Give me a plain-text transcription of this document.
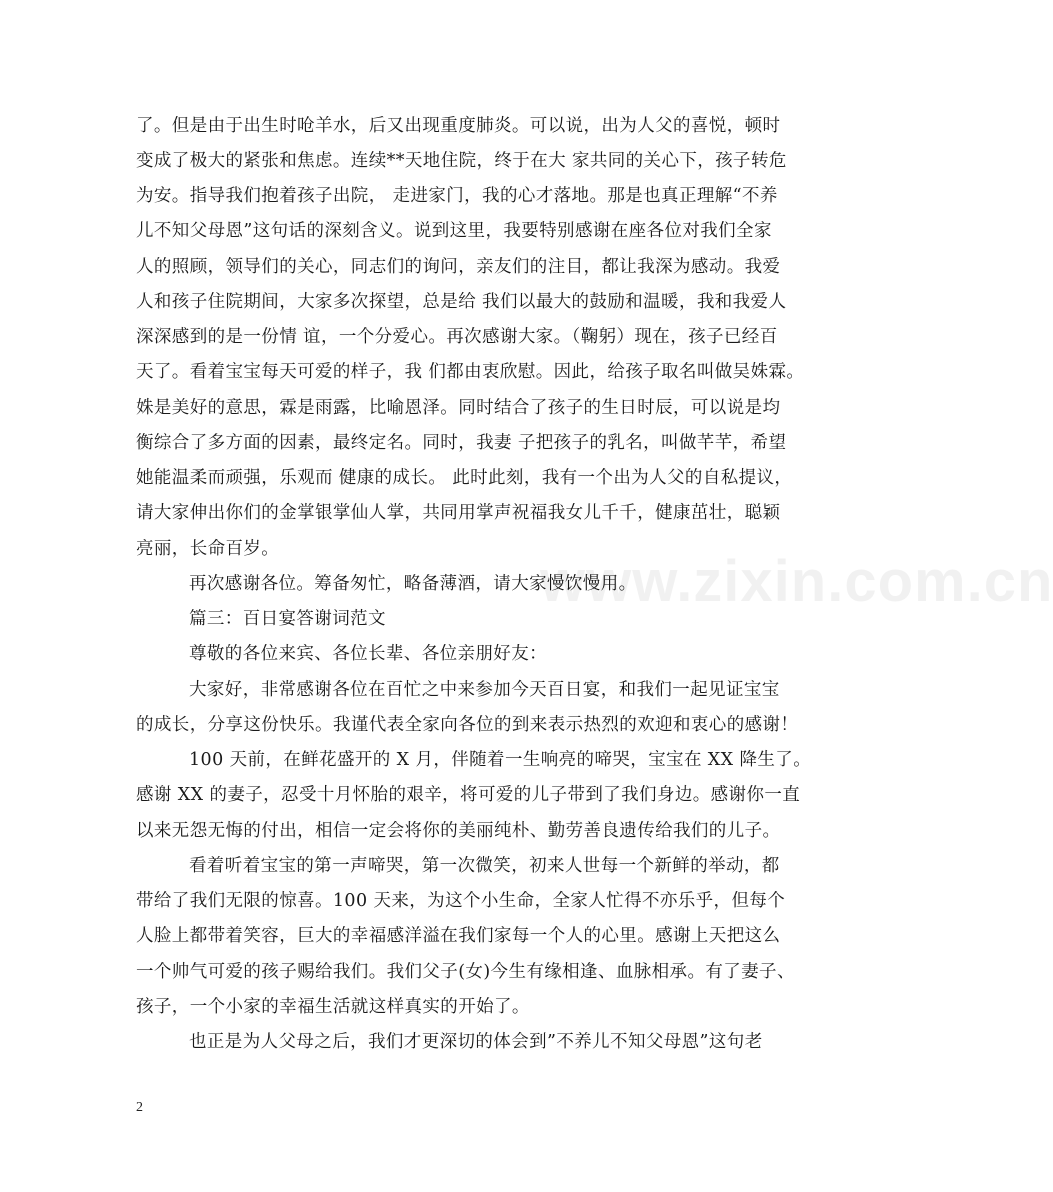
了。但是由于出生时呛羊水，后又出现重度肺炎。可以说，出为人父的喜悦，顿时
变成了极大的紧张和焦虑。连续**天地住院，终于在大 家共同的关心下，孩子转危
为安。指导我们抱着孩子出院， 走进家门，我的心才落地。那是也真正理解“不养
儿不知父母恩”这句话的深刻含义。说到这里，我要特别感谢在座各位对我们全家
人的照顾，领导们的关心，同志们的询问，亲友们的注目，都让我深为感动。我爱
人和孩子住院期间，大家多次探望，总是给 我们以最大的鼓励和温暖，我和我爱人
深深感到的是一份情 谊，一个分爱心。再次感谢大家。（鞠躬）现在，孩子已经百
天了。看着宝宝每天可爱的样子，我 们都由衷欣慰。因此，给孩子取名叫做吴姝霖。
姝是美好的意思，霖是雨露，比喻恩泽。同时结合了孩子的生日时辰，可以说是均
衡综合了多方面的因素，最终定名。同时，我妻 子把孩子的乳名，叫做芊芊，希望
她能温柔而顽强，乐观而 健康的成长。 此时此刻，我有一个出为人父的自私提议，
请大家伸出你们的金掌银掌仙人掌，共同用掌声祝福我女儿千千，健康茁壮，聪颖
亮丽，长命百岁。
再次感谢各位。筹备匆忙，略备薄酒，请大家慢饮慢用。
篇三：百日宴答谢词范文
尊敬的各位来宾、各位长辈、各位亲朋好友：
大家好，非常感谢各位在百忙之中来参加今天百日宴，和我们一起见证宝宝
的成长，分享这份快乐。我谨代表全家向各位的到来表示热烈的欢迎和衷心的感谢！
100 天前，在鲜花盛开的 X 月，伴随着一生响亮的啼哭，宝宝在 XX 降生了。
感谢 XX 的妻子，忍受十月怀胎的艰辛，将可爱的儿子带到了我们身边。感谢你一直
以来无怨无悔的付出，相信一定会将你的美丽纯朴、勤劳善良遗传给我们的儿子。
看着听着宝宝的第一声啼哭，第一次微笑，初来人世每一个新鲜的举动，都
带给了我们无限的惊喜。100 天来，为这个小生命，全家人忙得不亦乐乎，但每个
人脸上都带着笑容，巨大的幸福感洋溢在我们家每一个人的心里。感谢上天把这么
一个帅气可爱的孩子赐给我们。我们父子(女)今生有缘相逢、血脉相承。有了妻子、
孩子，一个小家的幸福生活就这样真实的开始了。
也正是为人父母之后，我们才更深切的体会到”不养儿不知父母恩”这句老
www.zixin.com.cn
2
